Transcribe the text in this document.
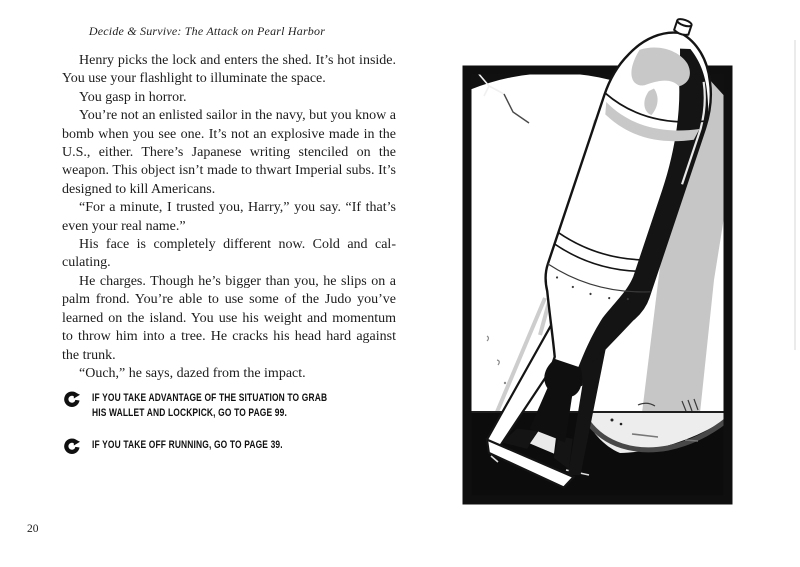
Decide & Survive: The Attack on Pearl Harbor

Henry picks the lock and enters the shed. It’s hot inside. You use your flashlight to illuminate the space.

You gasp in horror.

You’re not an enlisted sailor in the navy, but you know a bomb when you see one. It’s not an explosive made in the U.S., either. There’s Japanese writing stenciled on the weapon. This object isn’t made to thwart Imperial subs. It’s designed to kill Americans.

“For a minute, I trusted you, Harry,” you say. “If that’s even your real name.”

His face is completely different now. Cold and calculating.

He charges. Though he’s bigger than you, he slips on a palm frond. You’re able to use some of the Judo you’ve learned on the island. You use his weight and momentum to throw him into a tree. He cracks his head hard against the trunk.

“Ouch,” he says, dazed from the impact.

IF YOU TAKE ADVANTAGE OF THE SITUATION TO GRAB
HIS WALLET AND LOCKPICK, GO TO PAGE 99.
IF YOU TAKE OFF RUNNING, GO TO PAGE 39.
20
